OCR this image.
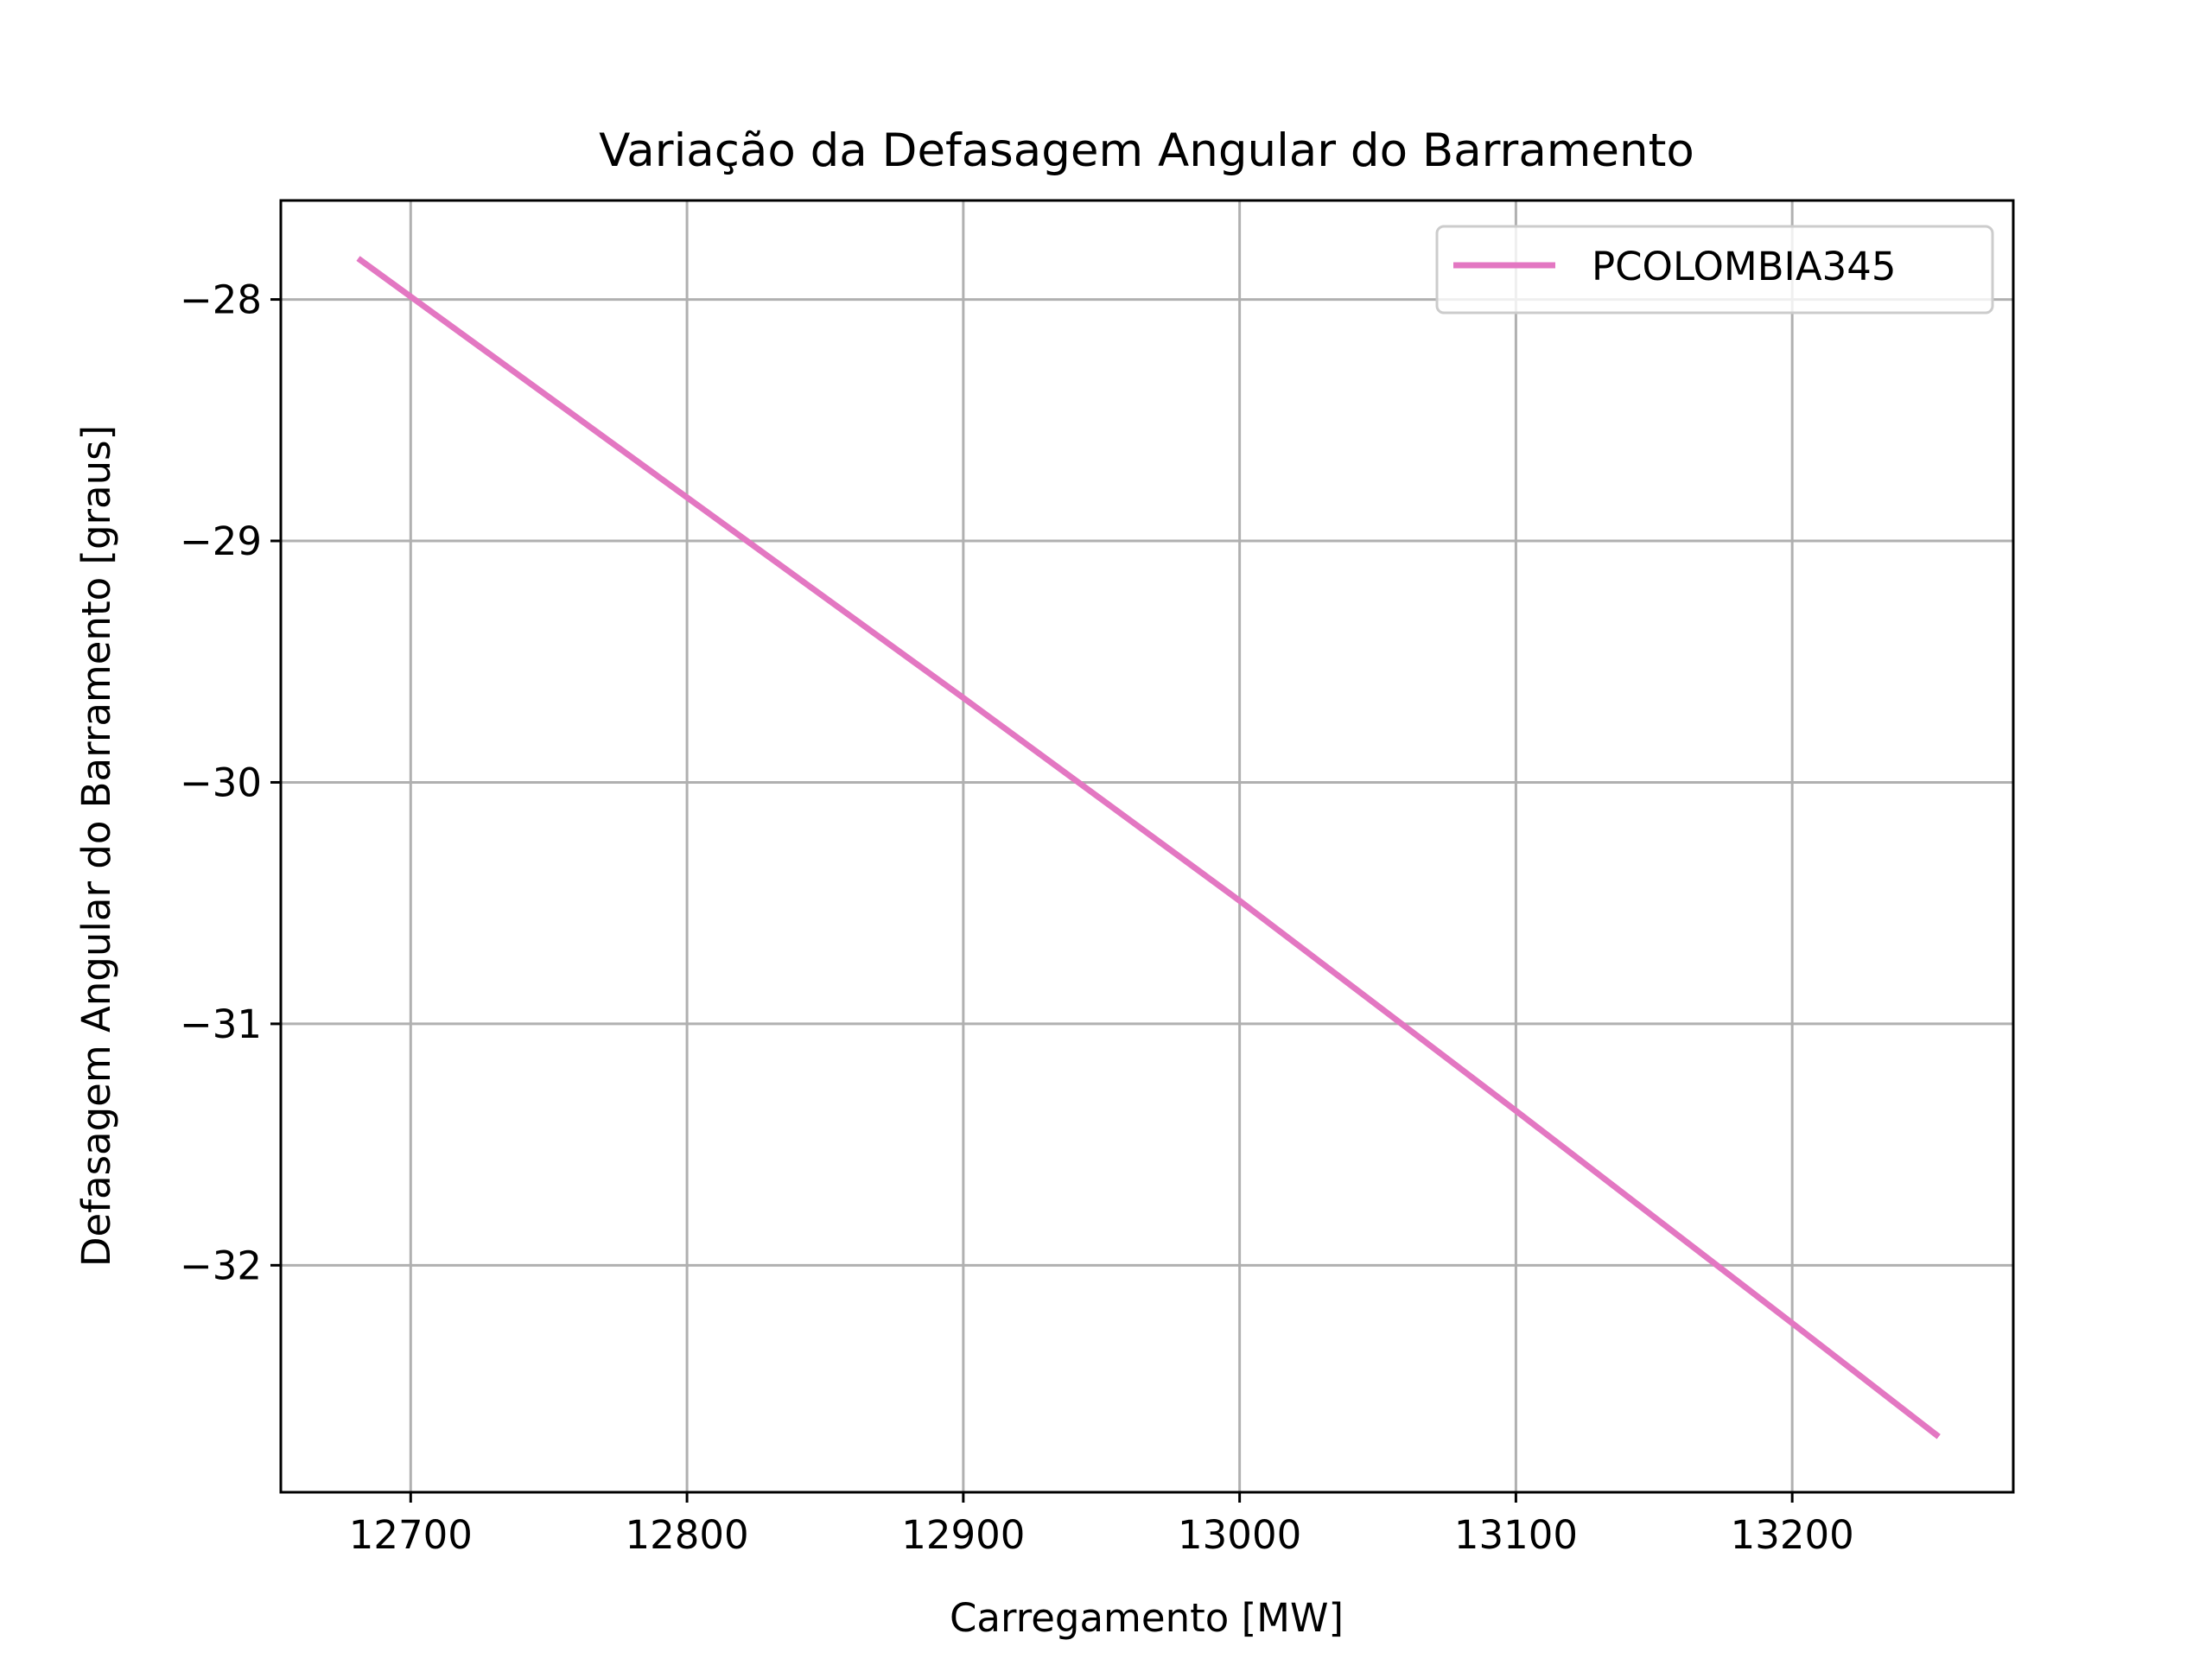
12700	12800	12900	13000	13100	13200
−28
−29
−30
−31
−32
Variação da Defasagem Angular do Barramento
Carregamento [MW]
Defasagem Angular do Barramento [graus]
PCOLOMBIA345
